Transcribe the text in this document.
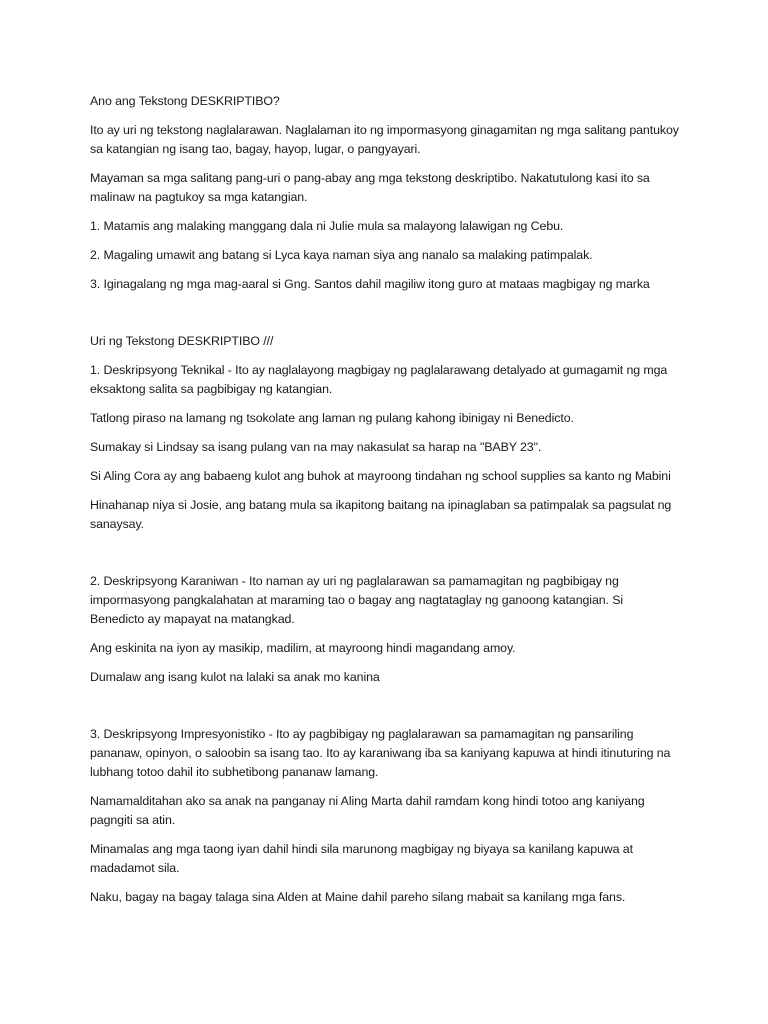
Ano ang Tekstong DESKRIPTIBO?

Ito ay uri ng tekstong naglalarawan. Naglalaman ito ng impormasyong ginagamitan ng mga salitang pantukoy sa katangian ng isang tao, bagay, hayop, lugar, o pangyayari.

Mayaman sa mga salitang pang-uri o pang-abay ang mga tekstong deskriptibo. Nakatutulong kasi ito sa malinaw na pagtukoy sa mga katangian.

1. Matamis ang malaking manggang dala ni Julie mula sa malayong lalawigan ng Cebu.

2. Magaling umawit ang batang si Lyca kaya naman siya ang nanalo sa malaking patimpalak.

3. Iginagalang ng mga mag-aaral si Gng. Santos dahil magiliw itong guro at mataas magbigay ng marka

Uri ng Tekstong DESKRIPTIBO ///

1. Deskripsyong Teknikal - Ito ay naglalayong magbigay ng paglalarawang detalyado at gumagamit ng mga eksaktong salita sa pagbibigay ng katangian.

Tatlong piraso na lamang ng tsokolate ang laman ng pulang kahong ibinigay ni Benedicto.

Sumakay si Lindsay sa isang pulang van na may nakasulat sa harap na "BABY 23".

Si Aling Cora ay ang babaeng kulot ang buhok at mayroong tindahan ng school supplies sa kanto ng Mabini

Hinahanap niya si Josie, ang batang mula sa ikapitong baitang na ipinaglaban sa patimpalak sa pagsulat ng sanaysay.

2. Deskripsyong Karaniwan - Ito naman ay uri ng paglalarawan sa pamamagitan ng pagbibigay ng impormasyong pangkalahatan at maraming tao o bagay ang nagtataglay ng ganoong katangian. Si Benedicto ay mapayat na matangkad.

Ang eskinita na iyon ay masikip, madilim, at mayroong hindi magandang amoy.

Dumalaw ang isang kulot na lalaki sa anak mo kanina

3. Deskripsyong Impresyonistiko - Ito ay pagbibigay ng paglalarawan sa pamamagitan ng pansariling pananaw, opinyon, o saloobin sa isang tao. Ito ay karaniwang iba sa kaniyang kapuwa at hindi itinuturing na lubhang totoo dahil ito subhetibong pananaw lamang.

Namamalditahan ako sa anak na panganay ni Aling Marta dahil ramdam kong hindi totoo ang kaniyang pagngiti sa atin.

Minamalas ang mga taong iyan dahil hindi sila marunong magbigay ng biyaya sa kanilang kapuwa at madadamot sila.

Naku, bagay na bagay talaga sina Alden at Maine dahil pareho silang mabait sa kanilang mga fans.
